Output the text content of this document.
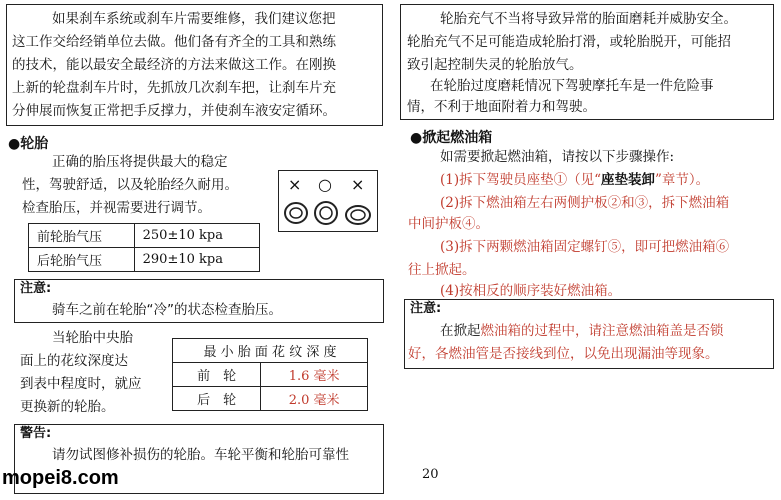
如果刹车系统或刹车片需要维修，我们建议您把
这工作交给经销单位去做。他们备有齐全的工具和熟练
的技术，能以最安全最经济的方法来做这工作。在刚换
上新的轮盘刹车片时，先抓放几次刹车把，让刹车片充
分伸展而恢复正常把手反撑力，并使刹车液安定循环。
●轮胎
正确的胎压将提供最大的稳定
性，驾驶舒适，以及轮胎经久耐用。
检查胎压，并视需要进行调节。
× ○ ×
前轮胎气压	250±10 kpa
后轮胎气压	290±10 kpa
注意:
骑车之前在轮胎“冷”的状态检查胎压。
当轮胎中央胎
面上的花纹深度达
到表中程度时，就应
更换新的轮胎。
最 小 胎 面 花 纹 深 度	
前　轮	1.6 毫米
后　轮	2.0 毫米
警告:
请勿试图修补损伤的轮胎。车轮平衡和轮胎可靠性
轮胎充气不当将导致异常的胎面磨耗并威胁安全。
轮胎充气不足可能造成轮胎打滑，或轮胎脱开，可能招
致引起控制失灵的轮胎放气。
在轮胎过度磨耗情况下驾驶摩托车是一件危险事
情，不利于地面附着力和驾驶。
●掀起燃油箱
如需要掀起燃油箱，请按以下步骤操作:
(1)拆下驾驶员座垫①（见“座垫装卸”章节）。
(2)拆下燃油箱左右两侧护板②和③，拆下燃油箱
中间护板④。
(3)拆下两颗燃油箱固定螺钉⑤，即可把燃油箱⑥
往上掀起。
(4)按相反的顺序装好燃油箱。
注意:
在掀起燃油箱的过程中，请注意燃油箱盖是否锁
好，各燃油管是否接线到位，以免出现漏油等现象。
20
mopei8.com
